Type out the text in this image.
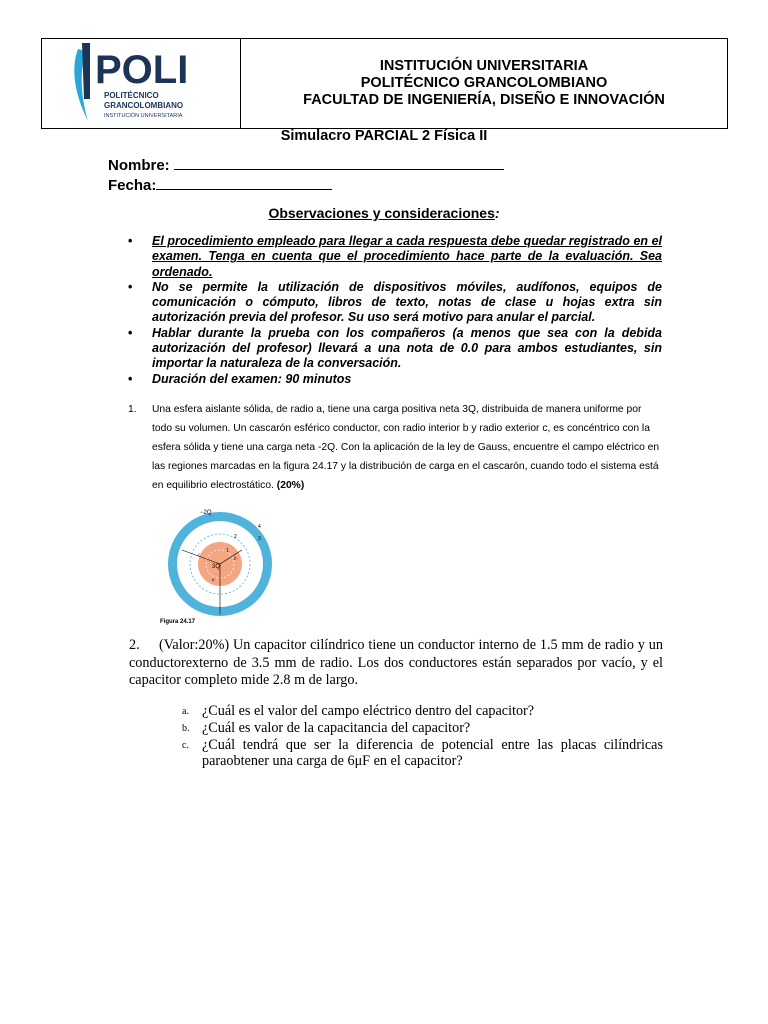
POLI
POLITÉCNICO
GRANCOLOMBIANO
INSTITUCIÓN UNIVERSITARIA
INSTITUCIÓN UNIVERSITARIA
POLITÉCNICO GRANCOLOMBIANO
FACULTAD DE INGENIERÍA, DISEÑO E INNOVACIÓN
Simulacro PARCIAL 2 Física II
Nombre:
Fecha:
Observaciones y consideraciones:
• El procedimiento empleado para llegar a cada respuesta debe quedar registrado en el examen. Tenga en cuenta que el procedimiento hace parte de la evaluación. Sea ordenado.
• No se permite la utilización de dispositivos móviles, audífonos, equipos de comunicación o cómputo, libros de texto, notas de clase u hojas extra sin autorización previa del profesor. Su uso será motivo para anular el parcial.
• Hablar durante la prueba con los compañeros (a menos que sea con la debida autorización del profesor) llevará a una nota de 0.0 para ambos estudiantes, sin importar la naturaleza de la conversación.
• Duración del examen: 90 minutos
1. Una esfera aislante sólida, de radio a, tiene una carga positiva neta 3Q, distribuida de manera uniforme por todo su volumen. Un cascarón esférico conductor, con radio interior b y radio exterior c, es concéntrico con la esfera sólida y tiene una carga neta -2Q. Con la aplicación de la ley de Gauss, encuentre el campo eléctrico en las regiones marcadas en la figura 24.17 y la distribución de carga en el cascarón, cuando todo el sistema está en equilibrio electrostático. (20%)
−2Q
3Q
1
2	3
4
a
b
c
Figura 24.17
2.	(Valor:20%) Un capacitor cilíndrico tiene un conductor interno de 1.5 mm de radio y un conductorexterno de 3.5 mm de radio. Los dos conductores están separados por vacío, y el capacitor completo mide 2.8 m de largo.
a. ¿Cuál es el valor del campo eléctrico dentro del capacitor?
b. ¿Cuál es valor de la capacitancia del capacitor?
c. ¿Cuál tendrá que ser la diferencia de potencial entre las placas cilíndricas paraobtener una carga de 6μF en el capacitor?
